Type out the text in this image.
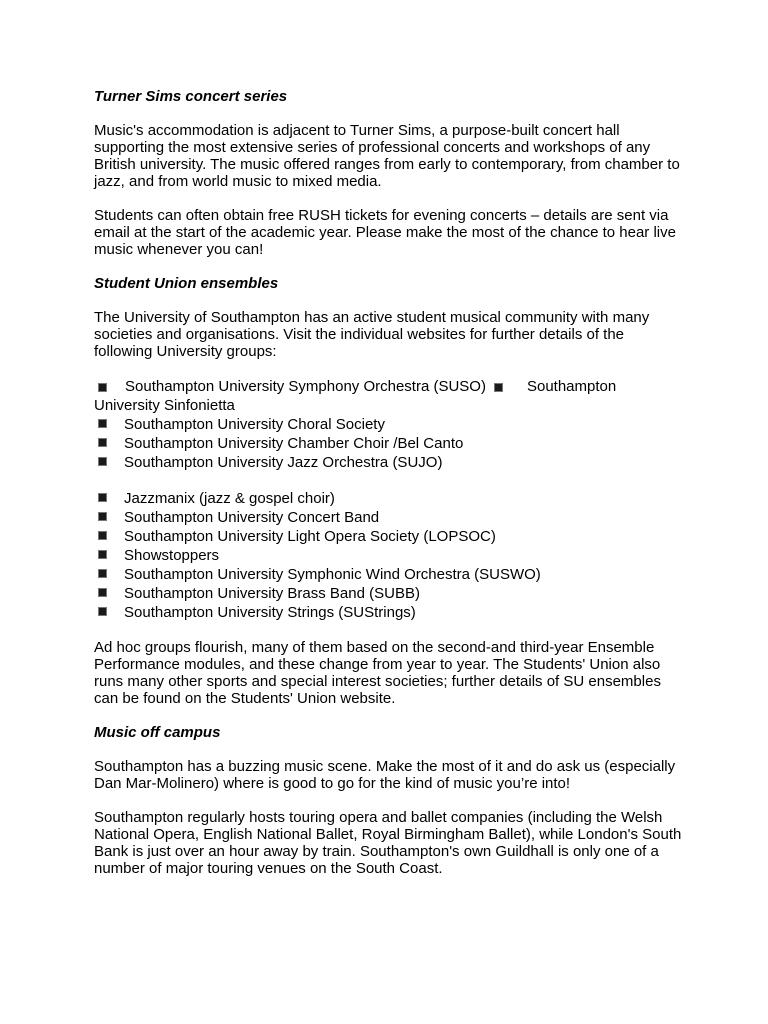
Turner Sims concert series

Music's accommodation is adjacent to Turner Sims, a purpose-built concert hall supporting the most extensive series of professional concerts and workshops of any British university. The music offered ranges from early to contemporary, from chamber to jazz, and from world music to mixed media.

Students can often obtain free RUSH tickets for evening concerts – details are sent via email at the start of the academic year. Please make the most of the chance to hear live music whenever you can!

Student Union ensembles

The University of Southampton has an active student musical community with many societies and organisations. Visit the individual websites for further details of the following University groups:

Southampton University Symphony Orchestra (SUSO)	Southampton University Sinfonietta
Southampton University Choral Society
Southampton University Chamber Choir /Bel Canto
Southampton University Jazz Orchestra (SUJO)
Jazzmanix (jazz & gospel choir)
Southampton University Concert Band
Southampton University Light Opera Society (LOPSOC)
Showstoppers
Southampton University Symphonic Wind Orchestra (SUSWO)
Southampton University Brass Band (SUBB)
Southampton University Strings (SUStrings)

Ad hoc groups flourish, many of them based on the second-and third-year Ensemble Performance modules, and these change from year to year. The Students' Union also runs many other sports and special interest societies; further details of SU ensembles can be found on the Students' Union website.

Music off campus

Southampton has a buzzing music scene. Make the most of it and do ask us (especially Dan Mar-Molinero) where is good to go for the kind of music you’re into!

Southampton regularly hosts touring opera and ballet companies (including the Welsh National Opera, English National Ballet, Royal Birmingham Ballet), while London's South Bank is just over an hour away by train. Southampton's own Guildhall is only one of a number of major touring venues on the South Coast.
